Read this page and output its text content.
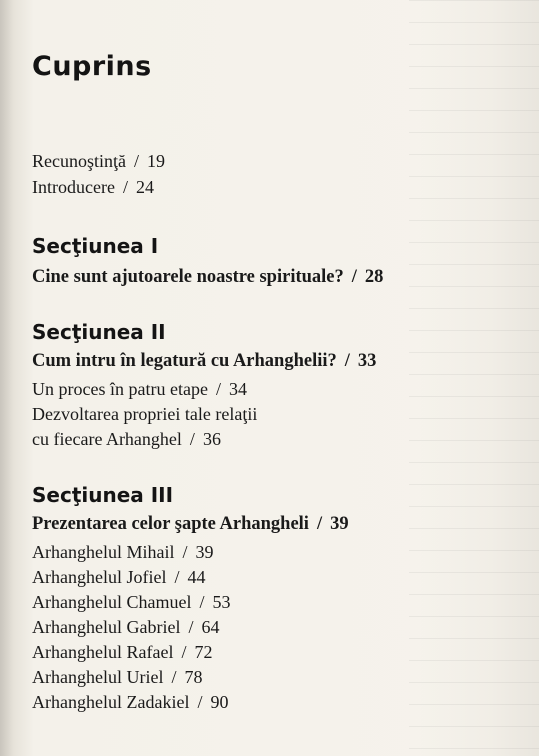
Cuprins

Recunoştinţă / 19

Introducere / 24

Secţiunea I

Cine sunt ajutoarele noastre spirituale? / 28

Secţiunea II

Cum intru în legatură cu Arhanghelii? / 33

Un proces în patru etape / 34

Dezvoltarea propriei tale relaţii

cu fiecare Arhanghel / 36

Secţiunea III

Prezentarea celor şapte Arhangheli / 39

Arhanghelul Mihail / 39

Arhanghelul Jofiel / 44

Arhanghelul Chamuel / 53

Arhanghelul Gabriel / 64

Arhanghelul Rafael / 72

Arhanghelul Uriel / 78

Arhanghelul Zadakiel / 90
